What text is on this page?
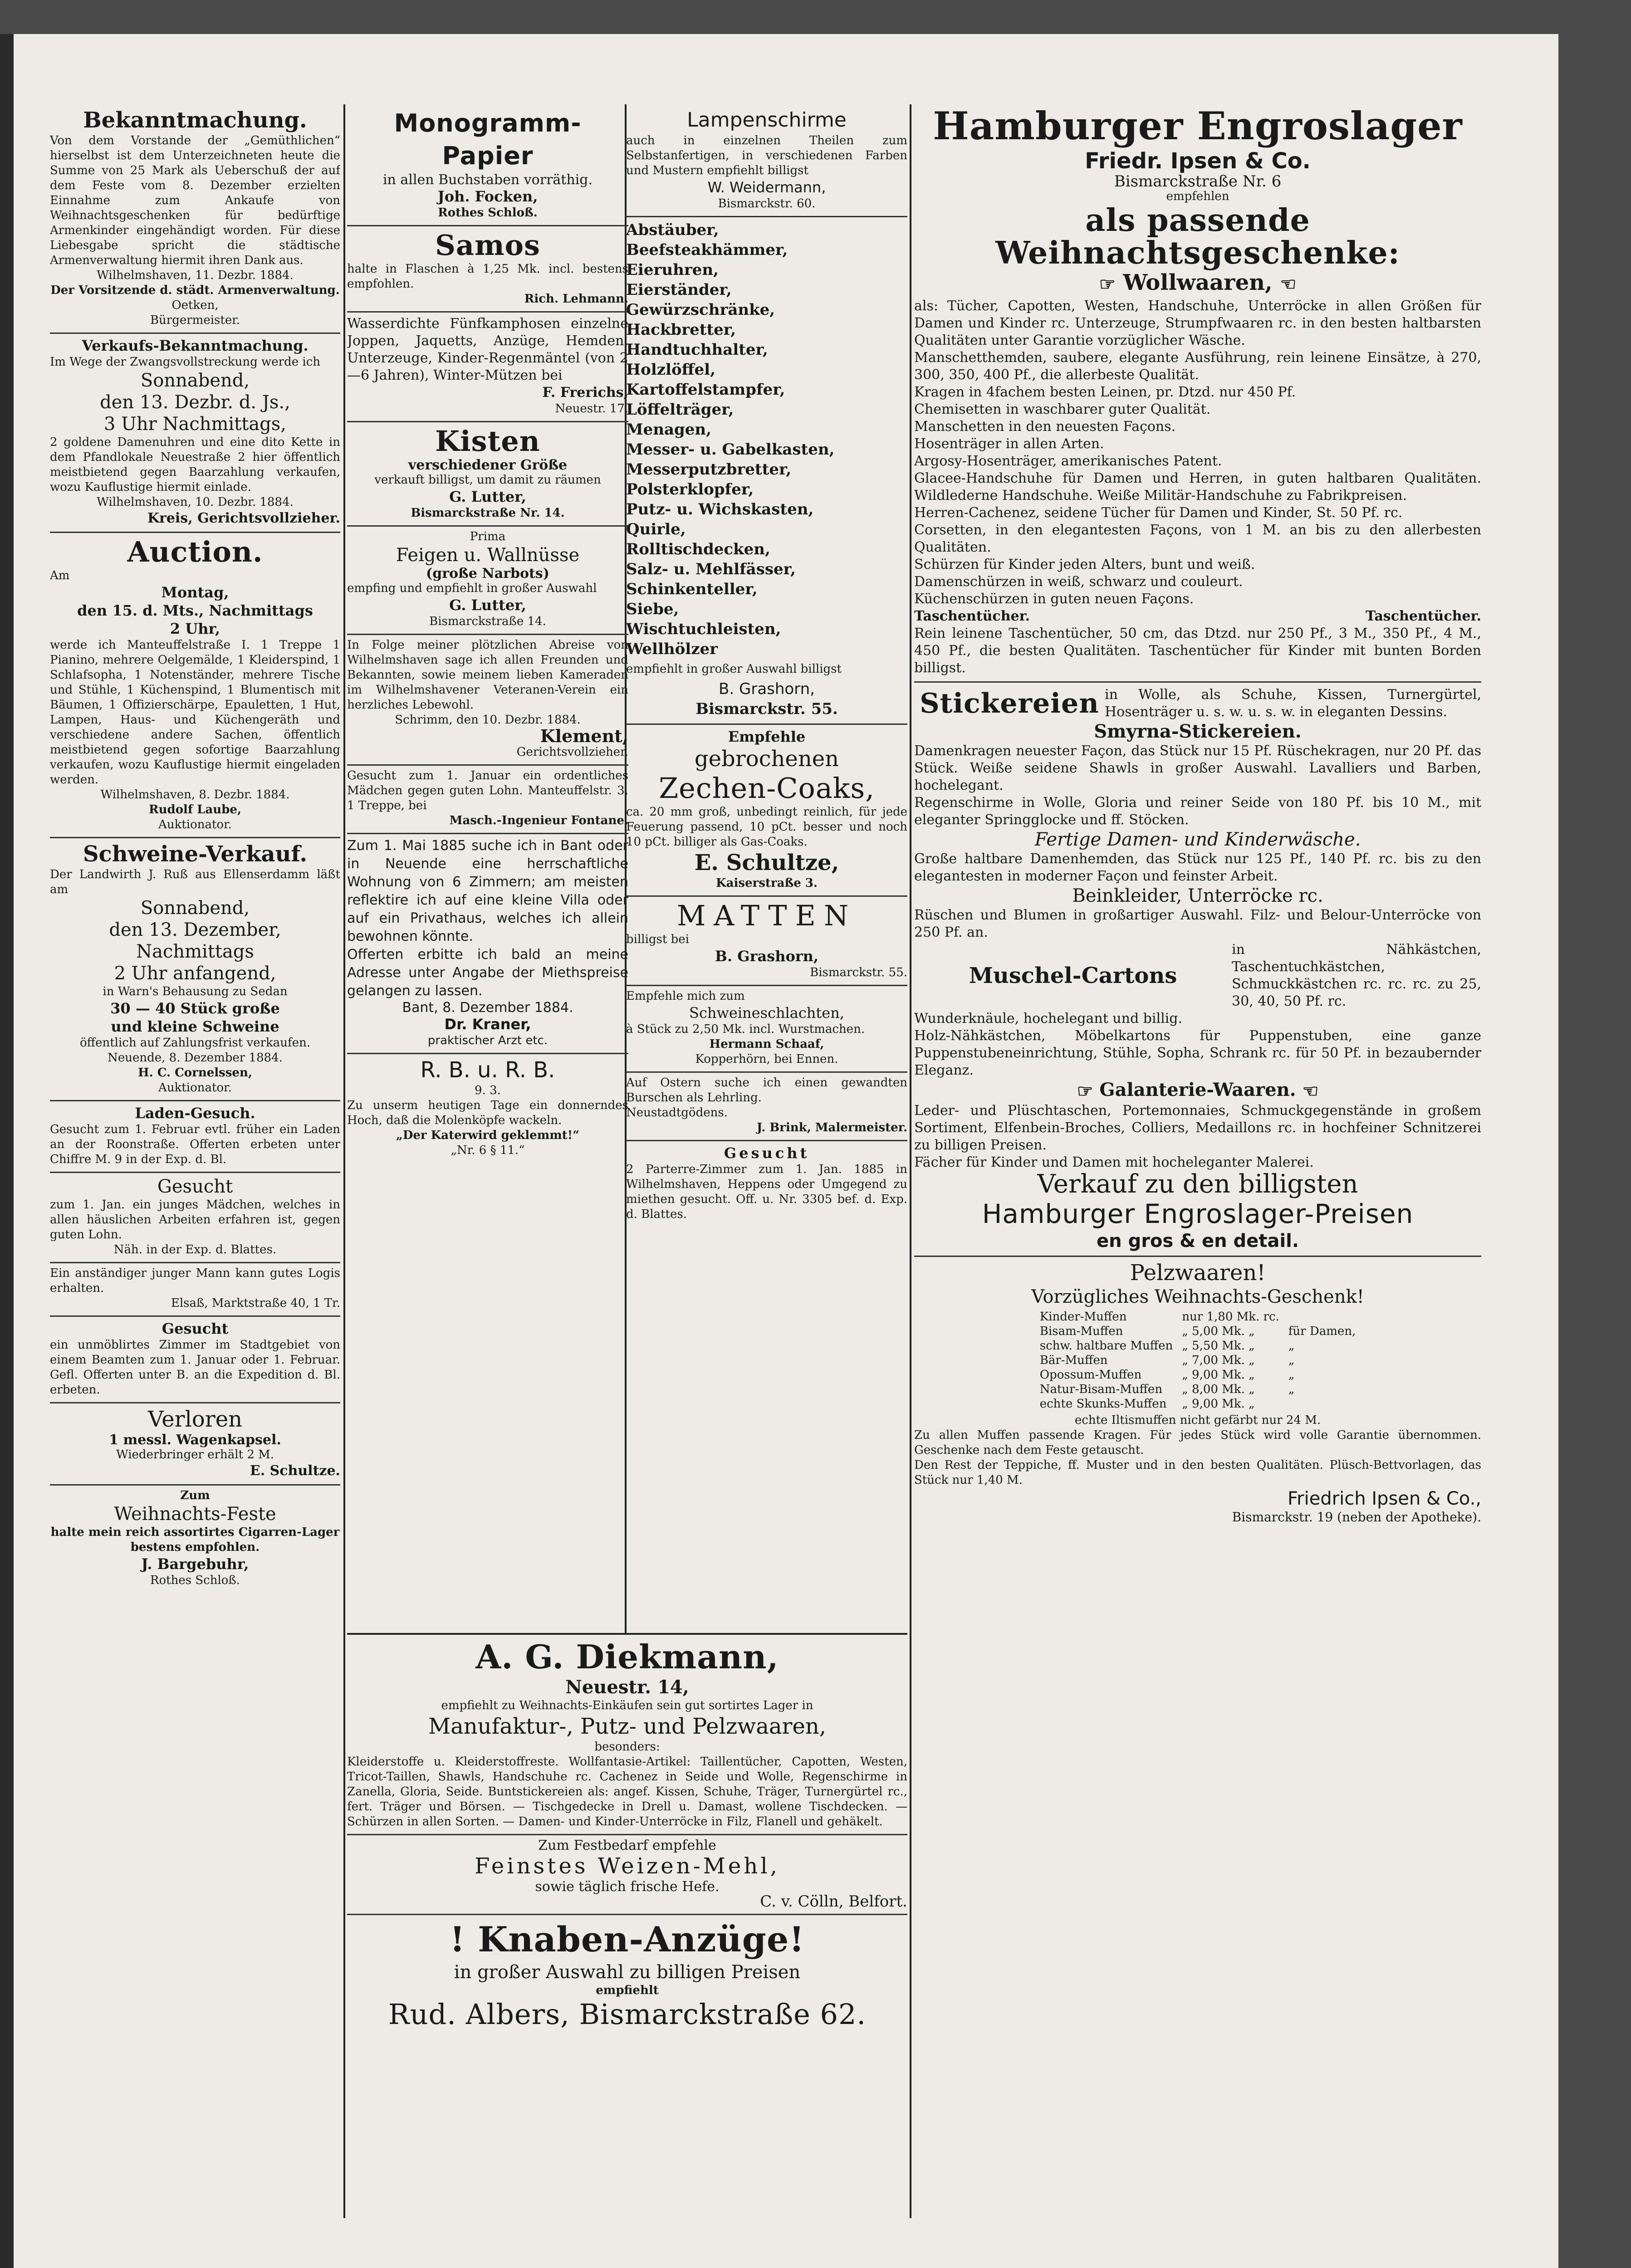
Bekanntmachung.

Von dem Vorstande der „Gemüthlichen“ hierselbst ist dem Unterzeichneten heute die Summe von 25 Mark als Ueberschuß der auf dem Feste vom 8. Dezember erzielten Einnahme zum Ankaufe von Weihnachtsgeschenken für bedürftige Armenkinder eingehändigt worden. Für diese Liebesgabe spricht die städtische Armenverwaltung hiermit ihren Dank aus.

Wilhelmshaven, 11. Dezbr. 1884.

Der Vorsitzende d. städt. Armenverwaltung.

Oetken,

Bürgermeister.

Verkaufs-Bekanntmachung.

Im Wege der Zwangsvollstreckung werde ich

Sonnabend,

den 13. Dezbr. d. Js.,

3 Uhr Nachmittags,

2 goldene Damenuhren und eine dito Kette in dem Pfandlokale Neuestraße 2 hier öffentlich meistbietend gegen Baarzahlung verkaufen, wozu Kauflustige hiermit einlade.

Wilhelmshaven, 10. Dezbr. 1884.

Kreis, Gerichtsvollzieher.

Auction.

Am

Montag,

den 15. d. Mts., Nachmittags

2 Uhr,

werde ich Manteuffelstraße I. 1 Treppe 1 Pianino, mehrere Oelgemälde, 1 Kleiderspind, 1 Schlafsopha, 1 Notenständer, mehrere Tische und Stühle, 1 Küchenspind, 1 Blumentisch mit Bäumen, 1 Offizierschärpe, Epauletten, 1 Hut, Lampen, Haus- und Küchengeräth und verschiedene andere Sachen, öffentlich meistbietend gegen sofortige Baarzahlung verkaufen, wozu Kauflustige hiermit eingeladen werden.

Wilhelmshaven, 8. Dezbr. 1884.

Rudolf Laube,

Auktionator.

Schweine-Verkauf.

Der Landwirth J. Ruß aus Ellenserdamm läßt am

Sonnabend,

den 13. Dezember,

Nachmittags

2 Uhr anfangend,

in Warn's Behausung zu Sedan

30 — 40 Stück große

und kleine Schweine

öffentlich auf Zahlungsfrist verkaufen.

Neuende, 8. Dezember 1884.

H. C. Cornelssen,

Auktionator.

Laden-Gesuch.

Gesucht zum 1. Februar evtl. früher ein Laden an der Roonstraße. Offerten erbeten unter Chiffre M. 9 in der Exp. d. Bl.

Gesucht

zum 1. Jan. ein junges Mädchen, welches in allen häuslichen Arbeiten erfahren ist, gegen guten Lohn.

Näh. in der Exp. d. Blattes.

Ein anständiger junger Mann kann gutes Logis erhalten.

Elsaß, Marktstraße 40, 1 Tr.

Gesucht

ein unmöblirtes Zimmer im Stadtgebiet von einem Beamten zum 1. Januar oder 1. Februar. Gefl. Offerten unter B. an die Expedition d. Bl. erbeten.

Verloren

1 messl. Wagenkapsel.

Wiederbringer erhält 2 M.

E. Schultze.

Zum

Weihnachts-Feste

halte mein reich assortirtes Cigarren-Lager bestens empfohlen.

J. Bargebuhr,

Rothes Schloß.

Monogramm-

Papier

in allen Buchstaben vorräthig.

Joh. Focken,

Rothes Schloß.

Samos

halte in Flaschen à 1,25 Mk. incl. bestens empfohlen.

Rich. Lehmann.

Wasserdichte Fünfkamphosen einzelne Joppen, Jaquetts, Anzüge, Hemden, Unterzeuge, Kinder-Regenmäntel (von 2—6 Jahren), Winter-Mützen bei

F. Frerichs,

Neuestr. 17.

Kisten

verschiedener Größe

verkauft billigst, um damit zu räumen

G. Lutter,

Bismarckstraße Nr. 14.

Prima

Feigen u. Wallnüsse

(große Narbots)

empfing und empfiehlt in großer Auswahl

G. Lutter,

Bismarckstraße 14.

In Folge meiner plötzlichen Abreise von Wilhelmshaven sage ich allen Freunden und Bekannten, sowie meinem lieben Kameraden im Wilhelmshavener Veteranen-Verein ein herzliches Lebewohl.

Schrimm, den 10. Dezbr. 1884.

Klement,

Gerichtsvollzieher.

Gesucht zum 1. Januar ein ordentliches Mädchen gegen guten Lohn. Manteuffelstr. 3, 1 Treppe, bei

Masch.-Ingenieur Fontane.

Zum 1. Mai 1885 suche ich in Bant oder in Neuende eine herrschaftliche Wohnung von 6 Zimmern; am meisten reflektire ich auf eine kleine Villa oder auf ein Privathaus, welches ich allein bewohnen könnte.

Offerten erbitte ich bald an meine Adresse unter Angabe der Miethspreise gelangen zu lassen.

Bant, 8. Dezember 1884.

Dr. Kraner,

praktischer Arzt etc.

R. B. u. R. B.

9. 3.

Zu unserm heutigen Tage ein donnerndes Hoch, daß die Molenköpfe wackeln.

„Der Katerwird geklemmt!“

„Nr. 6 § 11.“

Lampenschirme

auch in einzelnen Theilen zum Selbstanfertigen, in verschiedenen Farben und Mustern empfiehlt billigst

W. Weidermann,

Bismarckstr. 60.

Abstäuber,

Beefsteakhämmer,

Eieruhren,

Eierständer,

Gewürzschränke,

Hackbretter,

Handtuchhalter,

Holzlöffel,

Kartoffelstampfer,

Löffelträger,

Menagen,

Messer- u. Gabelkasten,

Messerputzbretter,

Polsterklopfer,

Putz- u. Wichskasten,

Quirle,

Rolltischdecken,

Salz- u. Mehlfässer,

Schinkenteller,

Siebe,

Wischtuchleisten,

Wellhölzer

empfiehlt in großer Auswahl billigst

B. Grashorn,

Bismarckstr. 55.

Empfehle

gebrochenen

Zechen-Coaks,

ca. 20 mm groß, unbedingt reinlich, für jede Feuerung passend, 10 pCt. besser und noch 10 pCt. billiger als Gas-Coaks.

E. Schultze,

Kaiserstraße 3.

MATTEN

billigst bei

B. Grashorn,

Bismarckstr. 55.

Empfehle mich zum

Schweineschlachten,

à Stück zu 2,50 Mk. incl. Wurstmachen.

Hermann Schaaf,

Kopperhörn, bei Ennen.

Auf Ostern suche ich einen gewandten Burschen als Lehrling.

Neustadtgödens.

J. Brink, Malermeister.

Gesucht

2 Parterre-Zimmer zum 1. Jan. 1885 in Wilhelmshaven, Heppens oder Umgegend zu miethen gesucht. Off. u. Nr. 3305 bef. d. Exp. d. Blattes.

A. G. Diekmann,

Neuestr. 14,

empfiehlt zu Weihnachts-Einkäufen sein gut sortirtes Lager in

Manufaktur-, Putz- und Pelzwaaren,

besonders:

Kleiderstoffe u. Kleiderstoffreste. Wollfantasie-Artikel: Taillentücher, Capotten, Westen, Tricot-Taillen, Shawls, Handschuhe rc. Cachenez in Seide und Wolle, Regenschirme in Zanella, Gloria, Seide. Buntstickereien als: angef. Kissen, Schuhe, Träger, Turnergürtel rc., fert. Träger und Börsen. — Tischgedecke in Drell u. Damast, wollene Tischdecken. — Schürzen in allen Sorten. — Damen- und Kinder-Unterröcke in Filz, Flanell und gehäkelt.

Zum Festbedarf empfehle

Feinstes Weizen-Mehl,

sowie täglich frische Hefe.

C. v. Cölln, Belfort.

! Knaben-Anzüge!

in großer Auswahl zu billigen Preisen

empfiehlt

Rud. Albers, Bismarckstraße 62.

Hamburger Engroslager

Friedr. Ipsen & Co.

Bismarckstraße Nr. 6

empfehlen

als passende Weihnachtsgeschenke:

☞ Wollwaaren, ☜

als: Tücher, Capotten, Westen, Handschuhe, Unterröcke in allen Größen für Damen und Kinder rc. Unterzeuge, Strumpfwaaren rc. in den besten haltbarsten Qualitäten unter Garantie vorzüglicher Wäsche.

Manschetthemden, saubere, elegante Ausführung, rein leinene Einsätze, à 270, 300, 350, 400 Pf., die allerbeste Qualität.

Kragen in 4fachem besten Leinen, pr. Dtzd. nur 450 Pf.

Chemisetten in waschbarer guter Qualität.

Manschetten in den neuesten Façons.

Hosenträger in allen Arten.

Argosy-Hosenträger, amerikanisches Patent.

Glacee-Handschuhe für Damen und Herren, in guten haltbaren Qualitäten. Wildlederne Handschuhe. Weiße Militär-Handschuhe zu Fabrikpreisen.

Herren-Cachenez, seidene Tücher für Damen und Kinder, St. 50 Pf. rc.

Corsetten, in den elegantesten Façons, von 1 M. an bis zu den allerbesten Qualitäten.

Schürzen für Kinder jeden Alters, bunt und weiß.

Damenschürzen in weiß, schwarz und couleurt.

Küchenschürzen in guten neuen Façons.

Taschentücher.	Taschentücher.

Rein leinene Taschentücher, 50 cm, das Dtzd. nur 250 Pf., 3 M., 350 Pf., 4 M., 450 Pf., die besten Qualitäten. Taschentücher für Kinder mit bunten Borden billigst.

Stickereien in Wolle, als Schuhe, Kissen, Turnergürtel, Hosenträger u. s. w. u. s. w. in eleganten Dessins.

Smyrna-Stickereien.

Damenkragen neuester Façon, das Stück nur 15 Pf. Rüschekragen, nur 20 Pf. das Stück. Weiße seidene Shawls in großer Auswahl. Lavalliers und Barben, hochelegant.

Regenschirme in Wolle, Gloria und reiner Seide von 180 Pf. bis 10 M., mit eleganter Springglocke und ff. Stöcken.

Fertige Damen- und Kinderwäsche.

Große haltbare Damenhemden, das Stück nur 125 Pf., 140 Pf. rc. bis zu den elegantesten in moderner Façon und feinster Arbeit.

Beinkleider, Unterröcke rc.

Rüschen und Blumen in großartiger Auswahl. Filz- und Belour-Unterröcke von 250 Pf. an.

Muschel-Cartons

in Nähkästchen, Taschentuchkästchen, Schmuckkästchen rc. rc. rc. zu 25, 30, 40, 50 Pf. rc.

Wunderknäule, hochelegant und billig.

Holz-Nähkästchen, Möbelkartons für Puppenstuben, eine ganze Puppenstubeneinrichtung, Stühle, Sopha, Schrank rc. für 50 Pf. in bezaubernder Eleganz.

☞ Galanterie-Waaren. ☜

Leder- und Plüschtaschen, Portemonnaies, Schmuckgegenstände in großem Sortiment, Elfenbein-Broches, Colliers, Medaillons rc. in hochfeiner Schnitzerei zu billigen Preisen.

Fächer für Kinder und Damen mit hocheleganter Malerei.

Verkauf zu den billigsten

Hamburger Engroslager-Preisen

en gros & en detail.

Pelzwaaren!

Vorzügliches Weihnachts-Geschenk!

Kinder-Muffen	nur 1,80 Mk. rc.	
Bisam-Muffen	„ 5,00 Mk. „	für Damen,
schw. haltbare Muffen	„ 5,50 Mk. „	„
Bär-Muffen	„ 7,00 Mk. „	„
Opossum-Muffen	„ 9,00 Mk. „	„
Natur-Bisam-Muffen	„ 8,00 Mk. „	„
echte Skunks-Muffen	„ 9,00 Mk. „	

echte Iltismuffen nicht gefärbt nur 24 M.

Zu allen Muffen passende Kragen. Für jedes Stück wird volle Garantie übernommen. Geschenke nach dem Feste getauscht.

Den Rest der Teppiche, ff. Muster und in den besten Qualitäten. Plüsch-Bettvorlagen, das Stück nur 1,40 M.

Friedrich Ipsen & Co.,

Bismarckstr. 19 (neben der Apotheke).
